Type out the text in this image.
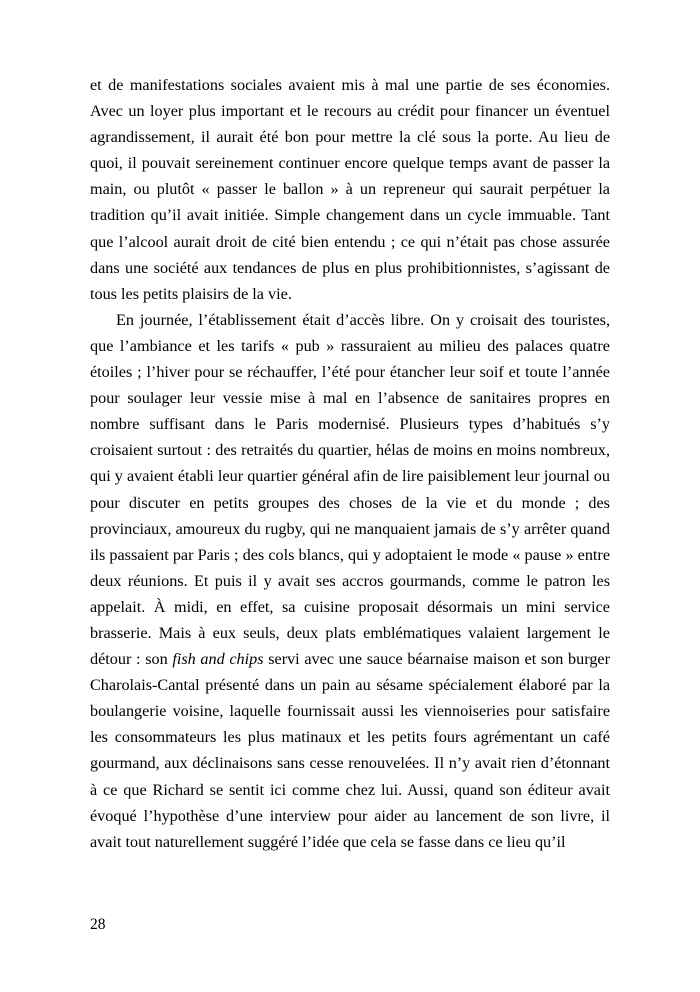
et de manifestations sociales avaient mis à mal une partie de ses économies. Avec un loyer plus important et le recours au crédit pour financer un éventuel agrandissement, il aurait été bon pour mettre la clé sous la porte. Au lieu de quoi, il pouvait sereinement continuer encore quelque temps avant de passer la main, ou plutôt « passer le ballon » à un repreneur qui saurait perpétuer la tradition qu’il avait initiée. Simple changement dans un cycle immuable. Tant que l’alcool aurait droit de cité bien entendu ; ce qui n’était pas chose assurée dans une société aux tendances de plus en plus prohibitionnistes, s’agissant de tous les petits plaisirs de la vie.

En journée, l’établissement était d’accès libre. On y croisait des touristes, que l’ambiance et les tarifs « pub » rassuraient au milieu des palaces quatre étoiles ; l’hiver pour se réchauffer, l’été pour étancher leur soif et toute l’année pour soulager leur vessie mise à mal en l’absence de sanitaires propres en nombre suffisant dans le Paris modernisé. Plusieurs types d’habitués s’y croisaient surtout : des retraités du quartier, hélas de moins en moins nombreux, qui y avaient établi leur quartier général afin de lire paisiblement leur journal ou pour discuter en petits groupes des choses de la vie et du monde ; des provinciaux, amoureux du rugby, qui ne manquaient jamais de s’y arrêter quand ils passaient par Paris ; des cols blancs, qui y adoptaient le mode « pause » entre deux réunions. Et puis il y avait ses accros gourmands, comme le patron les appelait. À midi, en effet, sa cuisine proposait désormais un mini service brasserie. Mais à eux seuls, deux plats emblématiques valaient largement le détour : son fish and chips servi avec une sauce béarnaise maison et son burger Charolais-Cantal présenté dans un pain au sésame spécialement élaboré par la boulangerie voisine, laquelle fournissait aussi les viennoiseries pour satisfaire les consommateurs les plus matinaux et les petits fours agrémentant un café gourmand, aux déclinaisons sans cesse renouvelées. Il n’y avait rien d’étonnant à ce que Richard se sentit ici comme chez lui. Aussi, quand son éditeur avait évoqué l’hypothèse d’une interview pour aider au lancement de son livre, il avait tout naturellement suggéré l’idée que cela se fasse dans ce lieu qu’il

28
